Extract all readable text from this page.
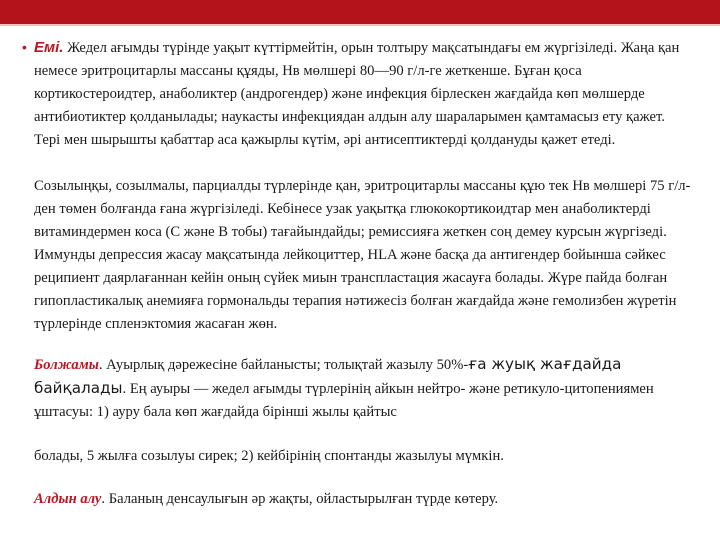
• Емі. Жедел ағымды түрінде уақыт күттірмейтін, орын толтыру мақсатындағы ем жүргізіледі. Жаңа қан немесе эритроцитарлы массаны құяды, Нв мөлшері 80—90 г/л-ге жеткенше. Бұған қоса кортикостероидтер, анаболиктер (андрогендер) және инфекция бірлескен жағдайда көп мөлшерде антибиотиктер қолданылады; наукасты инфекциядан алдын алу шараларымен қамтамасыз ету қажет. Тері мен шырышты қабаттар аса қажырлы күтім, әрі антисептиктерді қолдануды қажет етеді.

Созылыңқы, созылмалы, парциалды түрлерінде қан, эритроцитарлы массаны құю тек Нв мөлшері 75 г/л-ден төмен болғанда ғана жүргізіледі. Кебінесе узак уақытқа глюкокортикоидтар мен анаболиктерді витаминдермен коса (С және В тобы) тағайындайды; ремиссияға жеткен соң демеу курсын жүргізеді. Иммунды депрессия жасау мақсатында лейкоциттер, HLA және басқа да антигендер бойынша сәйкес реципиент даярлағаннан кейін оның сүйек миын транспластация жасауға болады. Жүре пайда болған гипопластикалық анемияға гормональды терапия нәтижесіз болған жағдайда және гемолизбен жүретін түрлерінде спленэктомия жасаған жөн.

Болжамы. Ауырлық дәрежесіне байланысты; толықтай жазылу 50%-ға жуық жағдайда байқалады. Ең ауыры — жедел ағымды түрлерінің айкын нейтро- және ретикуло-цитопениямен ұштасуы: 1) ауру бала көп жағдайда бірінші жылы қайтыс

болады, 5 жылға созылуы сирек; 2) кейбірінің спонтанды жазылуы мүмкін.

Алдын алу. Баланың денсаулығын әр жақты, ойластырылған түрде көтеру.
